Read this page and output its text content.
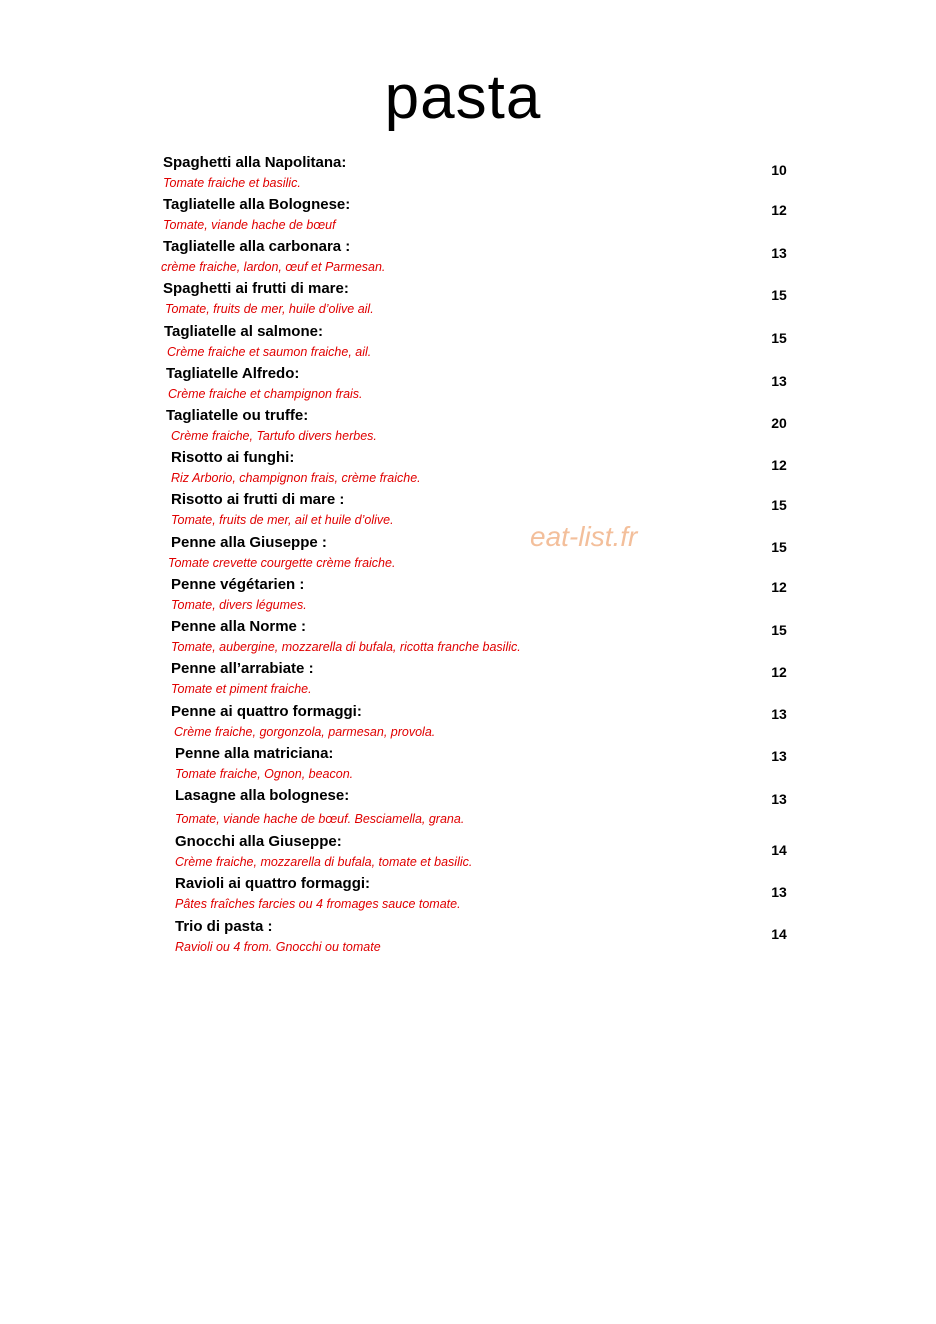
pasta
Spaghetti alla Napolitana:
Tomate fraiche et basilic.
10
Tagliatelle alla Bolognese:
Tomate, viande hache de bœuf
12
Tagliatelle alla carbonara :
crème fraiche, lardon, œuf et Parmesan.
13
Spaghetti ai frutti di mare:
Tomate, fruits de mer, huile d’olive ail.
15
Tagliatelle al salmone:
Crème fraiche et saumon fraiche, ail.
15
Tagliatelle Alfredo:
Crème fraiche et champignon frais.
13
Tagliatelle ou truffe:
Crème fraiche, Tartufo divers herbes.
20
Risotto ai funghi:
Riz Arborio, champignon frais, crème fraiche.
12
Risotto ai frutti di mare :
Tomate, fruits de mer, ail et huile d’olive.
15
Penne alla Giuseppe :
Tomate crevette courgette crème fraiche.
15
Penne végétarien :
Tomate, divers légumes.
12
Penne alla Norme :
Tomate, aubergine, mozzarella di bufala, ricotta franche basilic.
15
Penne all’arrabiate :
Tomate et piment fraiche.
12
Penne ai quattro formaggi:
Crème fraiche, gorgonzola, parmesan, provola.
13
Penne alla matriciana:
Tomate fraiche, Ognon, beacon.
13
Lasagne alla bolognese:
Tomate, viande hache de bœuf. Besciamella, grana.
13
Gnocchi alla Giuseppe:
Crème fraiche, mozzarella di bufala, tomate et basilic.
14
Ravioli ai quattro formaggi:
Pâtes fraîches farcies ou 4 fromages sauce tomate.
13
Trio di pasta :
Ravioli ou 4 from. Gnocchi ou tomate
14
eat-list.fr
